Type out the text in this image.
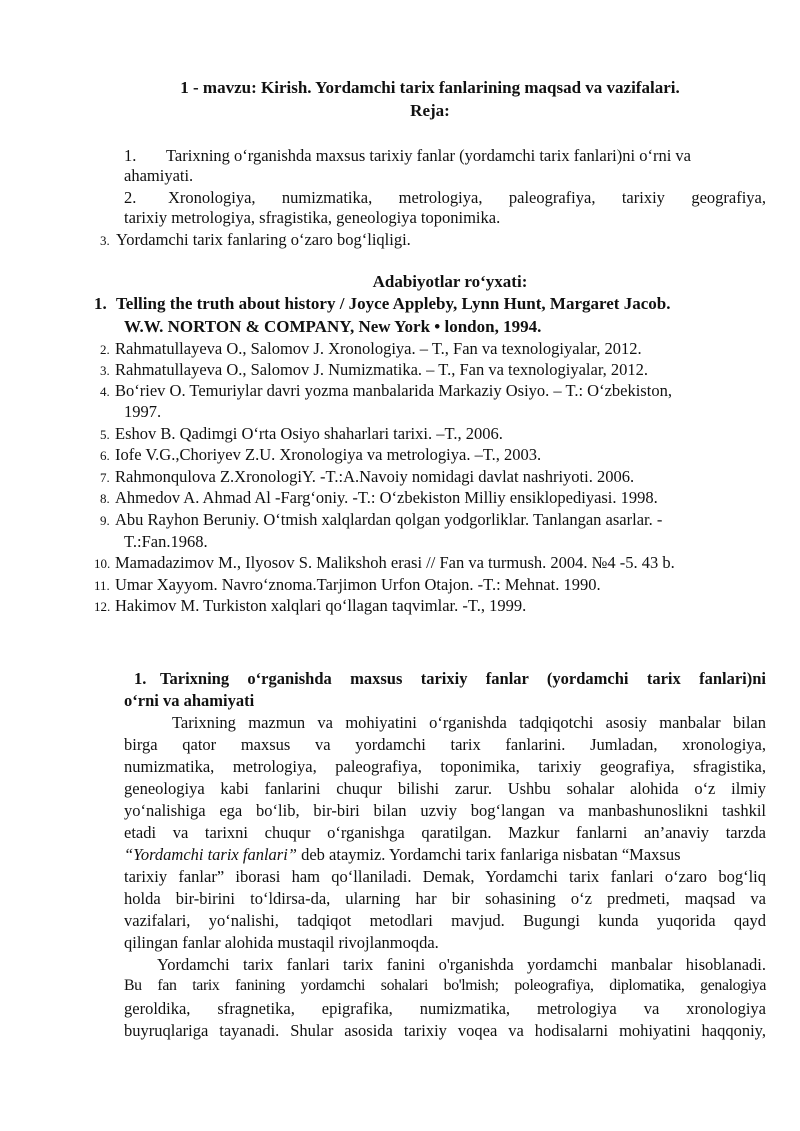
1 - mavzu: Kirish. Yordamchi tarix fanlarining maqsad va vazifalari.
Reja:
1. Tarixning o‘rganishda maxsus tarixiy fanlar (yordamchi tarix fanlari)ni o‘rni va
ahamiyati.
2. Xronologiya, numizmatika, metrologiya, paleografiya, tarixiy geografiya,
tarixiy metrologiya, sfragistika, geneologiya toponimika.
3. Yordamchi tarix fanlaring o‘zaro bog‘liqligi.
Adabiyotlar ro‘yxati:
1. Telling the truth about history / Joyce Appleby, Lynn Hunt, Margaret Jacob.
W.W. NORTON & COMPANY, New York • london, 1994.
2. Rahmatullayeva O., Salomov J. Xronologiya. – T., Fan va texnologiyalar, 2012.
3. Rahmatullayeva O., Salomov J. Numizmatika. – T., Fan va texnologiyalar, 2012.
4. Bo‘riev O. Temuriylar davri yozma manbalarida Markaziy Osiyo. – T.: O‘zbekiston,
1997.
5. Eshov B. Qadimgi O‘rta Osiyo shaharlari tarixi. –T., 2006.
6. Iofe V.G.,Choriyev Z.U. Xronologiya va metrologiya. –T., 2003.
7. Rahmonqulova Z.XronologiY. -T.:A.Navoiy nomidagi davlat nashriyoti. 2006.
8. Ahmedov A. Ahmad Al -Farg‘oniy. -T.: O‘zbekiston Milliy ensiklopediyasi. 1998.
9. Abu Rayhon Beruniy. O‘tmish xalqlardan qolgan yodgorliklar. Tanlangan asarlar. -
T.:Fan.1968.
10. Mamadazimov M., Ilyosov S. Malikshoh erasi // Fan va turmush. 2004. №4 -5. 43 b.
11. Umar Xayyom. Navro‘znoma.Tarjimon Urfon Otajon. -T.: Mehnat. 1990.
12. Hakimov M. Turkiston xalqlari qo‘llagan taqvimlar. -T., 1999.
1. Tarixning o‘rganishda maxsus tarixiy fanlar (yordamchi tarix fanlari)ni
o‘rni va ahamiyati
Tarixning mazmun va mohiyatini o‘rganishda tadqiqotchi asosiy manbalar bilan
birga qator maxsus va yordamchi tarix fanlarini. Jumladan, xronologiya,
numizmatika, metrologiya, paleografiya, toponimika, tarixiy geografiya, sfragistika,
geneologiya kabi fanlarini chuqur bilishi zarur. Ushbu sohalar alohida o‘z ilmiy
yo‘nalishiga ega bo‘lib, bir-biri bilan uzviy bog‘langan va manbashunoslikni tashkil
etadi va tarixni chuqur o‘rganishga qaratilgan. Mazkur fanlarni an’anaviy tarzda
“Yordamchi tarix fanlari” deb ataymiz. Yordamchi tarix fanlariga nisbatan “Maxsus
tarixiy fanlar” iborasi ham qo‘llaniladi. Demak, Yordamchi tarix fanlari o‘zaro bog‘liq
holda bir-birini to‘ldirsa-da, ularning har bir sohasining o‘z predmeti, maqsad va
vazifalari, yo‘nalishi, tadqiqot metodlari mavjud. Bugungi kunda yuqorida qayd
qilingan fanlar alohida mustaqil rivojlanmoqda.
Yordamchi tarix fanlari tarix fanini o'rganishda yordamchi manbalar hisoblanadi.
Bu fan tarix fanining yordamchi sohalari bo'lmish; poleografiya, diplomatika, genalogiya
geroldika, sfragnetika, epigrafika, numizmatika, metrologiya va xronologiya
buyruqlariga tayanadi. Shular asosida tarixiy voqea va hodisalarni mohiyatini haqqoniy,
